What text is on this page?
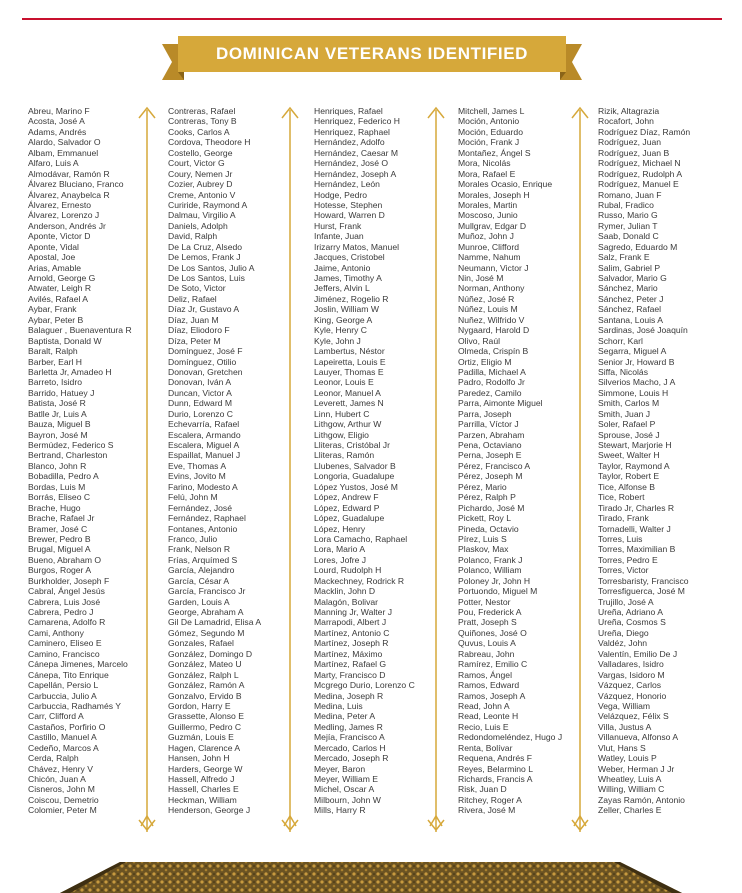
DOMINICAN VETERANS IDENTIFIED
Abreu, Marino F
Acosta, José A
Adams, Andrés
Alardo, Salvador O
Albam, Emmanuel
Alfaro, Luis A
Almodávar, Ramón R
Álvarez Bluciano, Franco
Álvarez, Anaybelca R
Álvarez, Ernesto
Álvarez, Lorenzo J
Anderson, Andrés Jr
Aponte, Victor D
Aponte, Vidal
Apostal, Joe
Arias, Amable
Arnold, George G
Atwater, Leigh R
Avilés, Rafael A
Aybar, Frank
Aybar, Peter B
Balaguer , Buenaventura R
Baptista, Donald W
Baralt, Ralph
Barber, Earl H
Barletta Jr, Amadeo H
Barreto, Isidro
Barrido, Hatuey J
Batista, José R
Batlle Jr, Luis A
Bauza, Miguel B
Bayron, José M
Bermúdez, Federico S
Bertrand, Charleston
Blanco, John R
Bobadilla, Pedro A
Bordas, Luis M
Borrás, Eliseo C
Brache, Hugo
Brache, Rafael Jr
Bramer, José C
Brewer, Pedro B
Brugal, Miguel A
Bueno, Abraham O
Burgos, Roger A
Burkholder, Joseph F
Cabral, Ángel Jesús
Cabrera, Luis José
Cabrera, Pedro J
Camarena, Adolfo R
Cami, Anthony
Caminero, Eliseo E
Camino, Francisco
Cánepa Jimenes, Marcelo
Cánepa, Tito Enrique
Capellán, Persio L
Carbuccia, Julio A
Carbuccia, Radhamés Y
Carr, Clifford A
Castaños, Porfirio O
Castillo, Manuel A
Cedeño, Marcos A
Cerda, Ralph
Chávez, Henry V
Chicón, Juan A
Cisneros, John M
Coiscou, Demetrio
Colomier, Peter M
Contreras, Rafael
Contreras, Tony B
Cooks, Carlos A
Cordova, Theodore H
Costello, George
Court, Victor G
Coury, Nemen Jr
Cozier, Aubrey D
Creme, Antonio V
Curiride, Raymond A
Dalmau, Virgilio A
Daniels, Adolph
David, Ralph
De La Cruz, Alsedo
De Lemos, Frank J
De Los Santos, Julio A
De Los Santos, Luis
De Soto, Victor
Deliz, Rafael
Díaz Jr, Gustavo A
Díaz, Juan M
Díaz, Eliodoro F
Díza, Peter M
Domínguez, José F
Domínguez, Otilio
Donovan, Gretchen
Donovan, Iván A
Duncan, Victor A
Dunn, Edward M
Durio, Lorenzo C
Echevarría, Rafael
Escalera, Armando
Escalera, Miguel A
Espaillat, Manuel J
Eve, Thomas A
Evins, Jovito M
Farino, Modesto A
Felú, John M
Fernández, José
Fernández, Raphael
Fontanes, Antonio
Franco, Julio
Frank, Nelson R
Frías, Arquímed S
García, Alejandro
García, César A
García, Francisco Jr
Garden, Louis A
George, Abraham A
Gil De Lamadrid, Elisa A
Gómez, Segundo M
Gonzales, Rafael
González, Domingo D
González, Mateo U
González, Ralph L
González, Ramón A
Gonzalvo, Ervido B
Gordon, Harry E
Grassette, Alonso E
Guillermo, Pedro C
Guzmán, Louis E
Hagen, Clarence A
Hansen, John H
Harders, George W
Hassell, Alfredo J
Hassell, Charles E
Heckman, William
Henderson, George J
Henriques, Rafael
Henriquez, Federico H
Henriquez, Raphael
Hernández, Adolfo
Hernández, Caesar M
Hernández, José O
Hernández, Joseph A
Hernández, León
Hodge, Pedro
Hotesse, Stephen
Howard, Warren D
Hurst, Frank
Infante, Juan
Irizarry Matos, Manuel
Jacques, Cristobel
Jaime, Antonio
James, Timothy A
Jeffers, Alvin L
Jiménez, Rogelio R
Joslin, William W
King, George A
Kyle, Henry C
Kyle, John J
Lambertus, Néstor
Lapeiretta, Louis E
Lauyer, Thomas E
Leonor, Louis E
Leonor, Manuel A
Leverett, James N
Linn, Hubert C
Lithgow, Arthur W
Lithgow, Eligio
Lliteras, Cristóbal Jr
Lliteras, Ramón
Llubenes, Salvador B
Longoria, Guadalupe
López Yustos, José M
López, Andrew F
López, Edward P
López, Guadalupe
López, Henry
Lora Camacho, Raphael
Lora, Mario A
Lores, Jofre J
Lourd, Rudolph H
Mackechney, Rodrick R
Macklin, John D
Malagón, Bolivar
Manning Jr, Walter J
Marrapodi, Albert J
Martínez, Antonio C
Martínez, Joseph R
Martínez, Máximo
Martínez, Rafael G
Marty, Francisco D
Mcgrego Durio, Lorenzo C
Medina, Joseph R
Medina, Luis
Medina, Peter A
Medling, James R
Mejía, Francisco A
Mercado, Carlos H
Mercado, Joseph R
Meyer, Baron
Meyer, William E
Michel, Oscar A
Milbourn, John W
Mills, Harry R
Mitchell, James L
Moción, Antonio
Moción, Eduardo
Moción, Frank J
Montañez, Ángel S
Mora, Nicolás
Mora, Rafael E
Morales Ocasio, Enrique
Morales, Joseph H
Morales, Martin
Moscoso, Junio
Mullgrav, Edgar D
Muñoz, John J
Munroe, Clifford
Namme, Nahum
Neumann, Victor J
Nin, José M
Norman, Anthony
Núñez, José R
Núñez, Louis M
Nuñez, Wilfrido V
Nygaard, Harold D
Olivo, Raúl
Olmeda, Crispín B
Ortiz, Eligio M
Padilla, Michael A
Padro, Rodolfo Jr
Paredez, Camilo
Parra, Aimonte Miguel
Parra, Joseph
Parrilla, Víctor J
Parzen, Abraham
Pena, Octaviano
Perna, Joseph E
Pérez, Francisco A
Pérez, Joseph M
Pérez, Mario
Pérez, Ralph P
Pichardo, José M
Pickett, Roy L
Pineda, Octavio
Pírez, Luis S
Plaskov, Max
Polanco, Frank J
Polanco, William
Poloney Jr, John H
Portuondo, Miguel M
Potter, Nestor
Pou, Frederick A
Pratt, Joseph S
Quiñones, José O
Quvus, Louis A
Rabreau, John
Ramírez, Emilio C
Ramos, Ángel
Ramos, Edward
Ramos, Joseph A
Read, John A
Read, Leonte H
Recio, Luis E
Redondomeléndez, Hugo J
Renta, Bolívar
Requena, Andrés F
Reyes, Belarmino L
Richards, Francis A
Risk, Juan D
Ritchey, Roger A
Rivera, José M
Rizik, Altagrazia
Rocafort, John
Rodríguez Díaz, Ramón
Rodríguez, Juan
Rodríguez, Juan B
Rodríguez, Michael N
Rodríguez, Rudolph A
Rodríguez, Manuel E
Romano, Juan F
Rubal, Fradico
Russo, Mario G
Rymer, Julian T
Saab, Donald C
Sagredo, Eduardo M
Salz, Frank E
Salim, Gabriel P
Salvador, Mario G
Sánchez, Mario
Sánchez, Peter J
Sánchez, Rafael
Santana, Louis A
Sardinas, José Joaquín
Schorr, Karl
Segarra, Miguel A
Senior Jr, Howard B
Siffa, Nicolás
Silverios Macho, J A
Simmone, Louis H
Smith, Carlos M
Smith, Juan J
Soler, Rafael P
Sprouse, José J
Stewart, Marjorie H
Sweet, Walter H
Taylor, Raymond A
Taylor, Robert E
Tice, Alfonse B
Tice, Robert
Tirado Jr, Charles R
Tirado, Frank
Tornadelli, Walter J
Torres, Luis
Torres, Maximilian B
Torres, Pedro E
Torres, Victor
Torresbaristy, Francisco
Torresfiguerca, José M
Trujillo, José A
Ureña, Adriano A
Ureña, Cosmos S
Ureña, Diego
Valdéz, John
Valentín, Emilio De J
Valladares, Isidro
Vargas, Isidoro M
Vázquez, Carlos
Vázquez, Honorio
Vega, William
Velázquez, Félix S
Villa, Justus A
Villanueva, Alfonso A
Vlut, Hans S
Watley, Louis P
Weber, Herman J Jr
Wheatley, Luis A
Willing, William C
Zayas Ramón, Antonio
Zeller, Charles E
